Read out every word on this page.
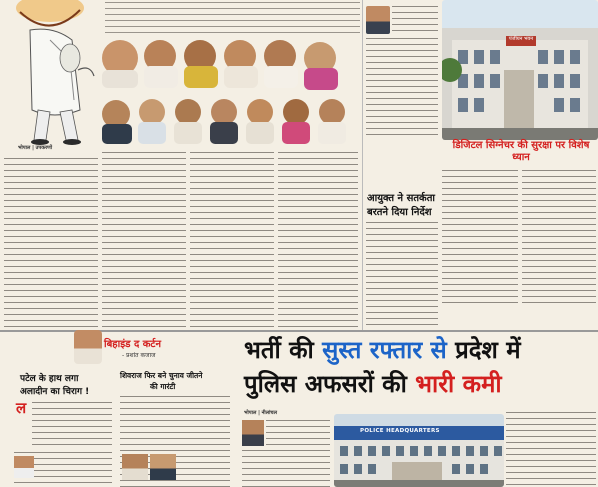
भोपाल | उपकरणों
पंजीयन भवन
डिजिटल सिग्नेचर की सुरक्षा पर विशेष ध्यान
आयुक्त ने सतर्कता
बरतने दिया निर्देश
बिहाइंड द कर्टन
- प्रशांत कजाज
पटेल के हाथ लगा
अलादीन का चिराग !
ल
शिवराज फिर बने चुनाव जीतने
की गारंटी
भर्ती की सुस्त रफ्तार से प्रदेश में
पुलिस अफसरों की भारी कमी
भोपाल | नीलांचल
POLICE HEADQUARTERS
